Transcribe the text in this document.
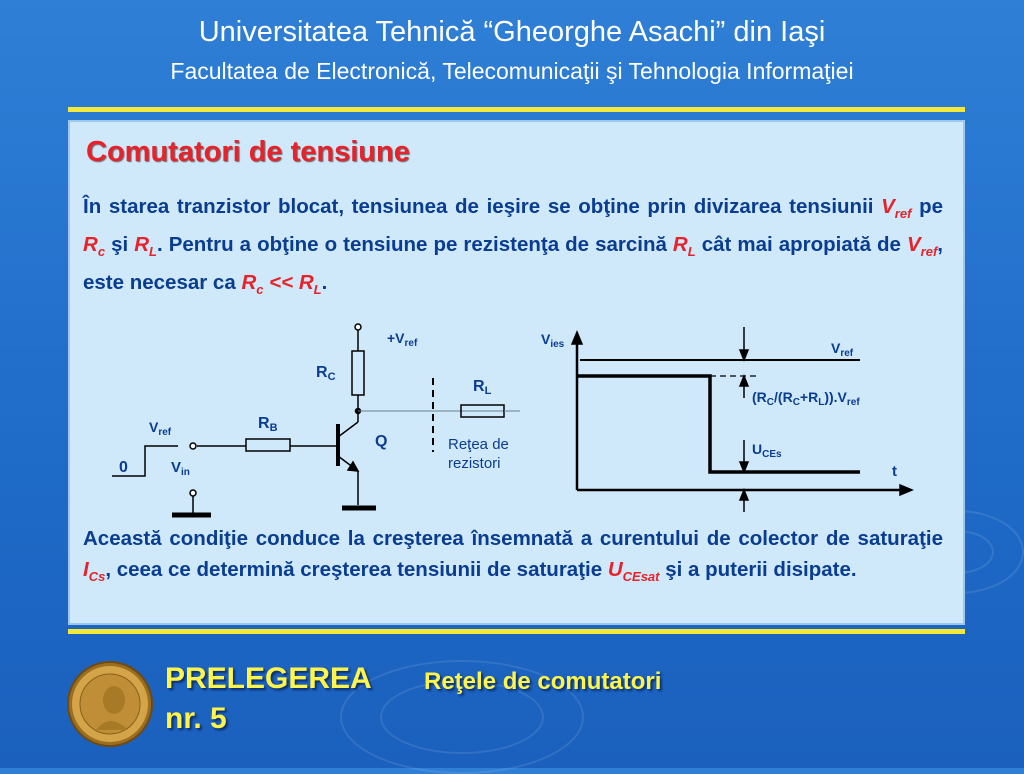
Universitatea Tehnică “Gheorghe Asachi” din Iaşi
Facultatea de Electronică, Telecomunicaţii şi Tehnologia Informaţiei
Comutatori de tensiune
În starea tranzistor blocat, tensiunea de ieşire se obţine prin divizarea tensiunii $V_{ref}$ pe $R_c$ şi $R_L$. Pentru a obţine o tensiune pe rezistenţa de sarcină $R_L$ cât mai apropiată de $V_{ref}$, este necesar ca $R_c << R_L$.
$+V_{ref}$
RC
RB
RL
Q	Reţea de
rezistori
$V_{ref}$
0	$V_{in}$
$V_{ies}$
t
$V_{ref}$
$(R_C/(R_C+R_L)).V_{ref}$
$U_{CEs}$
Această condiţie conduce la creşterea însemnată a curentului de colector de saturaţie $I_{Cs}$, ceea ce determină creşterea tensiunii de saturaţie $U_{CEsat}$ şi a puterii disipate.
PRELEGEREA Reţele de comutatori
nr. 5
